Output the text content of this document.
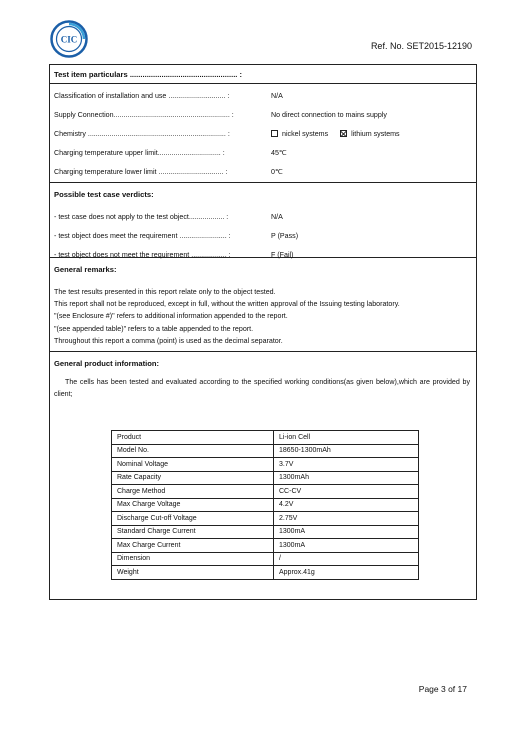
CIC
Ref. No. SET2015-12190
Test item particulars ................................................... :
Classification of installation and use ............................. :	N/A
Supply Connection........................................................... :	No direct connection to mains supply
Chemistry ...................................................................... :	nickel systems	lithium systems
Charging temperature upper limit................................ :	45℃
Charging temperature lower limit ................................. :	0℃
Possible test case verdicts:
- test case does not apply to the test object.................. :	N/A
- test object does meet the requirement ........................ :	P (Pass)
- test object does not meet the requirement .................. :	F (Fail)
General remarks:
The test results presented in this report relate only to the object tested.
This report shall not be reproduced, except in full, without the written approval of the Issuing testing laboratory.
"(see Enclosure #)" refers to additional information appended to the report.
"(see appended table)" refers to a table appended to the report.
Throughout this report a comma (point) is used as the decimal separator.
General product information:
The cells has been tested and evaluated according to the specified working conditions(as given below),which are provided by client;
Product	Li-ion Cell
Model No.	18650-1300mAh
Nominal Voltage	3.7V
Rate Capacity	1300mAh
Charge Method	CC-CV
Max Charge Voltage	4.2V
Discharge Cut-off Voltage	2.75V
Standard Charge Current	1300mA
Max Charge Current	1300mA
Dimension	/
Weight	Approx.41g
Page 3 of 17
